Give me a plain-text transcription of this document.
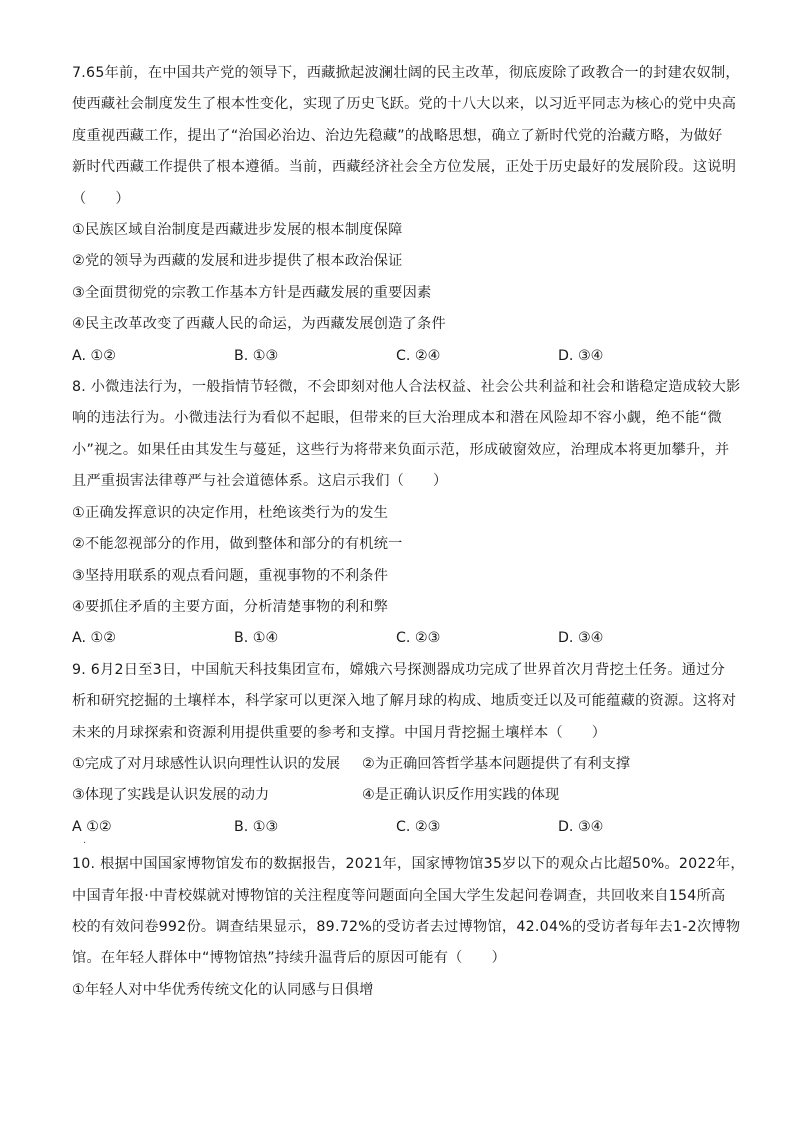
7.65年前，在中国共产党的领导下，西藏掀起波澜壮阔的民主改革，彻底废除了政教合一的封建农奴制，
使西藏社会制度发生了根本性变化，实现了历史飞跃。党的十八大以来，以习近平同志为核心的党中央高
度重视西藏工作，提出了“治国必治边、治边先稳藏”的战略思想，确立了新时代党的治藏方略，为做好
新时代西藏工作提供了根本遵循。当前，西藏经济社会全方位发展，正处于历史最好的发展阶段。这说明
（　　）
①民族区域自治制度是西藏进步发展的根本制度保障
②党的领导为西藏的发展和进步提供了根本政治保证
③全面贯彻党的宗教工作基本方针是西藏发展的重要因素
④民主改革改变了西藏人民的命运，为西藏发展创造了条件
A. ①②	B. ①③	C. ②④	D. ③④
8. 小微违法行为，一般指情节轻微，不会即刻对他人合法权益、社会公共利益和社会和谐稳定造成较大影
响的违法行为。小微违法行为看似不起眼，但带来的巨大治理成本和潜在风险却不容小觑，绝不能“微
小”视之。如果任由其发生与蔓延，这些行为将带来负面示范，形成破窗效应，治理成本将更加攀升，并
且严重损害法律尊严与社会道德体系。这启示我们（　　）
①正确发挥意识的决定作用，杜绝该类行为的发生
②不能忽视部分的作用，做到整体和部分的有机统一
③坚持用联系的观点看问题，重视事物的不利条件
④要抓住矛盾的主要方面，分析清楚事物的利和弊
A. ①②	B. ①④	C. ②③	D. ③④
9. 6月2日至3日，中国航天科技集团宣布，嫦娥六号探测器成功完成了世界首次月背挖土任务。通过分
析和研究挖掘的土壤样本，科学家可以更深入地了解月球的构成、地质变迁以及可能蕴藏的资源。这将对
未来的月球探索和资源利用提供重要的参考和支撑。中国月背挖掘土壤样本（　　）
①完成了对月球感性认识向理性认识的发展	②为正确回答哲学基本问题提供了有利支撑
③体现了实践是认识发展的动力	④是正确认识反作用实践的体现
A ①②	B. ①③	C. ②③	D. ③④
10. 根据中国国家博物馆发布的数据报告，2021年，国家博物馆35岁以下的观众占比超50%。2022年，
中国青年报·中青校媒就对博物馆的关注程度等问题面向全国大学生发起问卷调查，共回收来自154所高
校的有效问卷992份。调查结果显示，89.72%的受访者去过博物馆，42.04%的受访者每年去1-2次博物
馆。在年轻人群体中“博物馆热”持续升温背后的原因可能有（　　）
①年轻人对中华优秀传统文化的认同感与日俱增
·
